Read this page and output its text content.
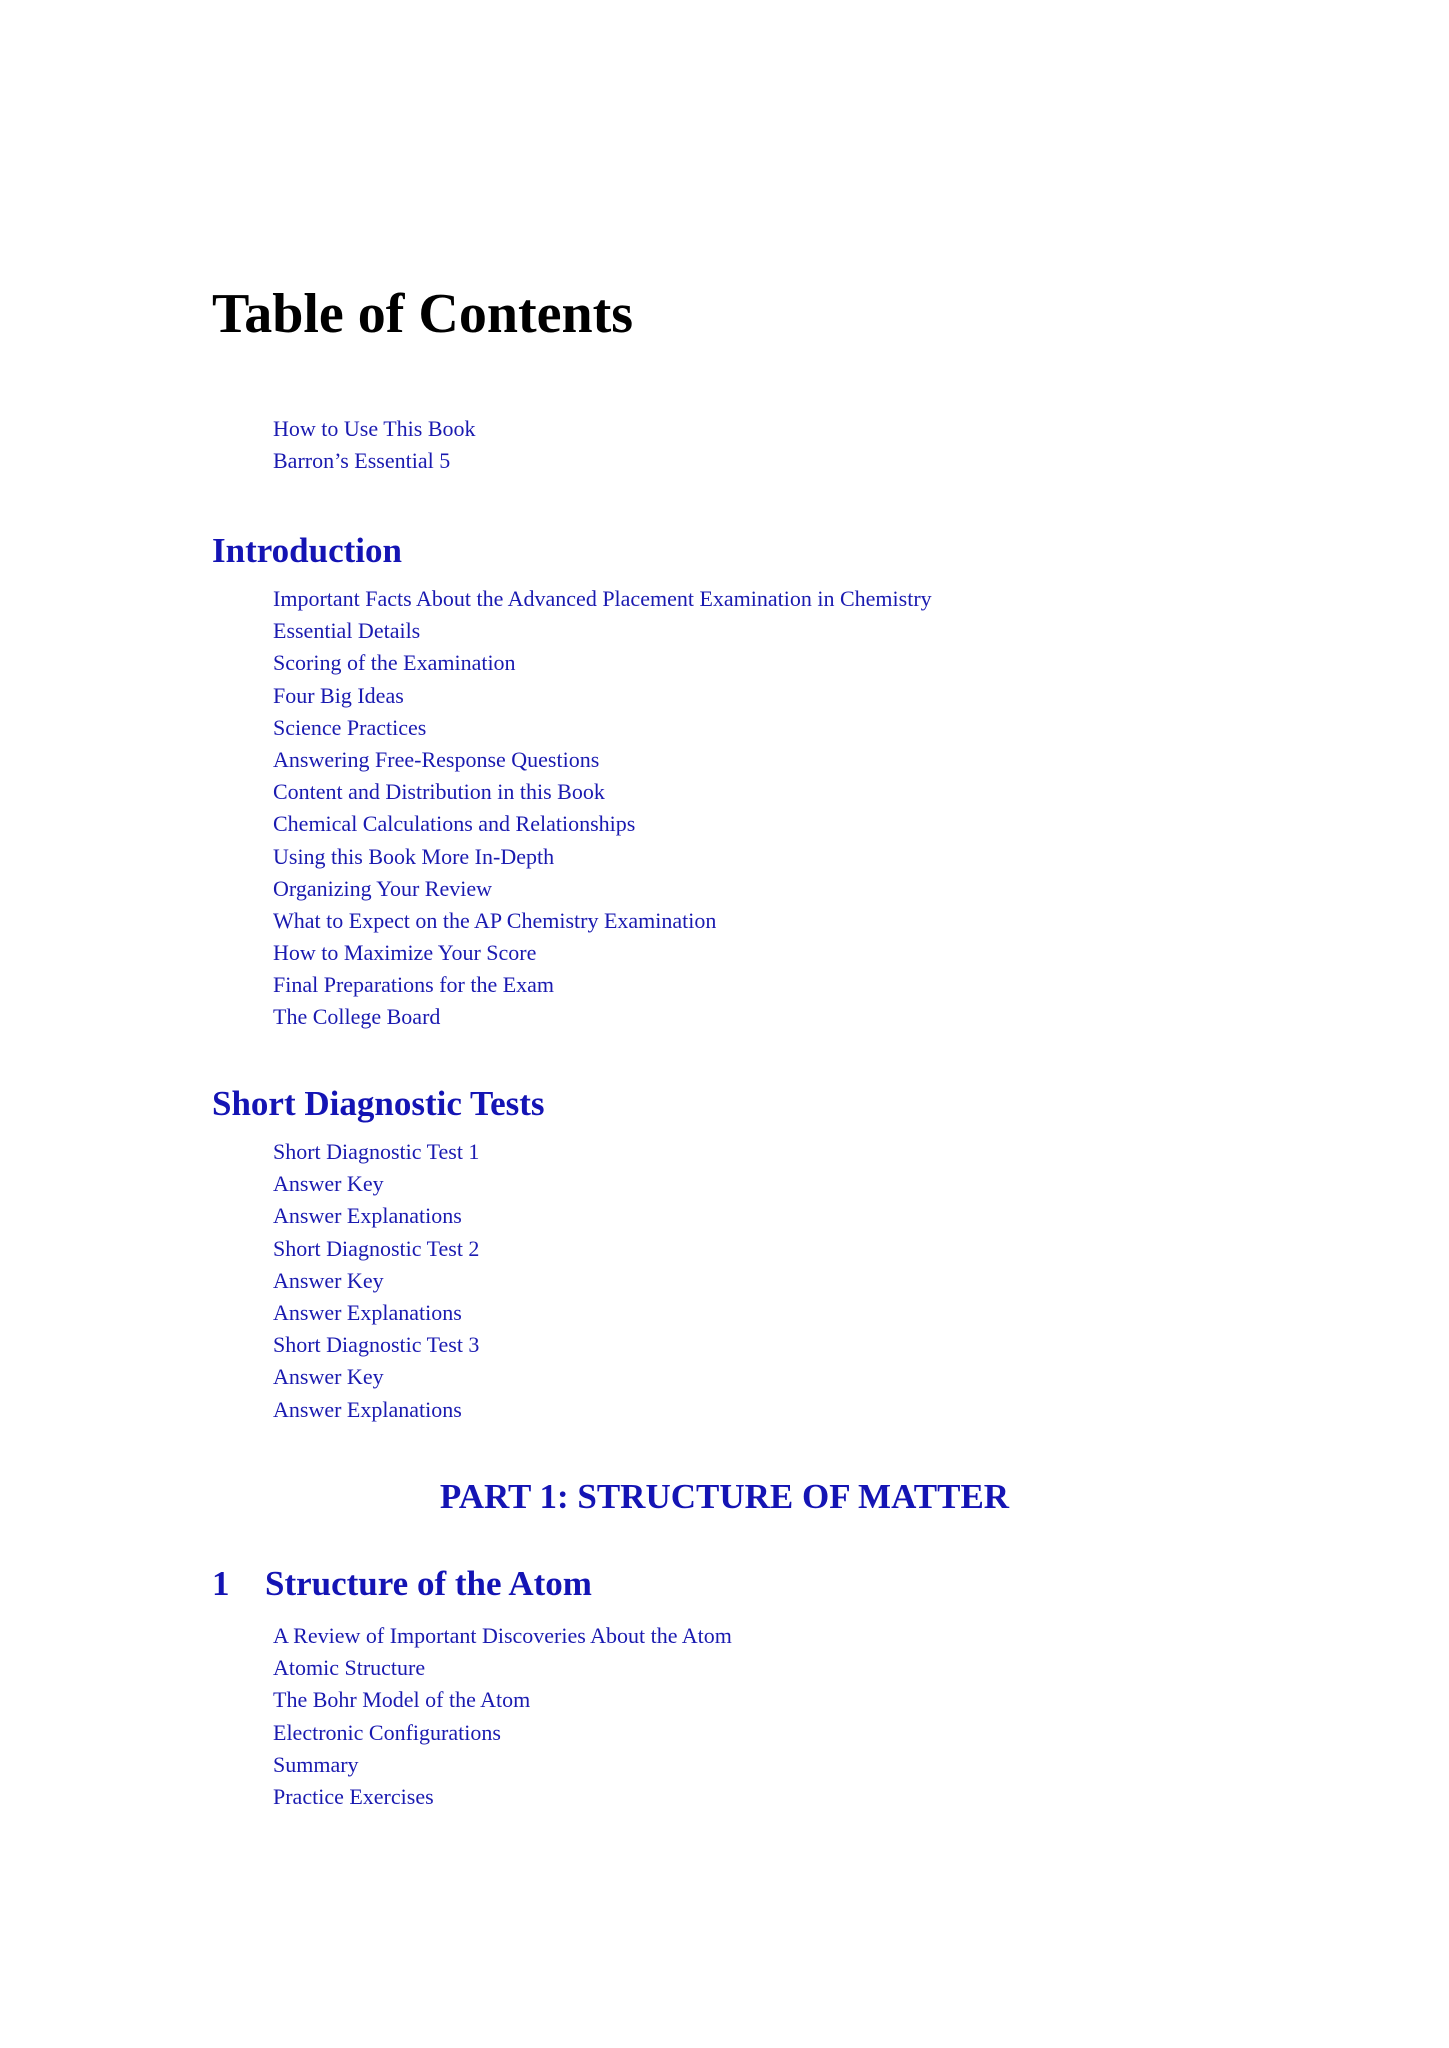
Table of Contents
How to Use This Book
Barron’s Essential 5
Introduction
Important Facts About the Advanced Placement Examination in Chemistry
Essential Details
Scoring of the Examination
Four Big Ideas
Science Practices
Answering Free-Response Questions
Content and Distribution in this Book
Chemical Calculations and Relationships
Using this Book More In-Depth
Organizing Your Review
What to Expect on the AP Chemistry Examination
How to Maximize Your Score
Final Preparations for the Exam
The College Board
Short Diagnostic Tests
Short Diagnostic Test 1
Answer Key
Answer Explanations
Short Diagnostic Test 2
Answer Key
Answer Explanations
Short Diagnostic Test 3
Answer Key
Answer Explanations
PART 1: STRUCTURE OF MATTER
1 Structure of the Atom
A Review of Important Discoveries About the Atom
Atomic Structure
The Bohr Model of the Atom
Electronic Configurations
Summary
Practice Exercises
